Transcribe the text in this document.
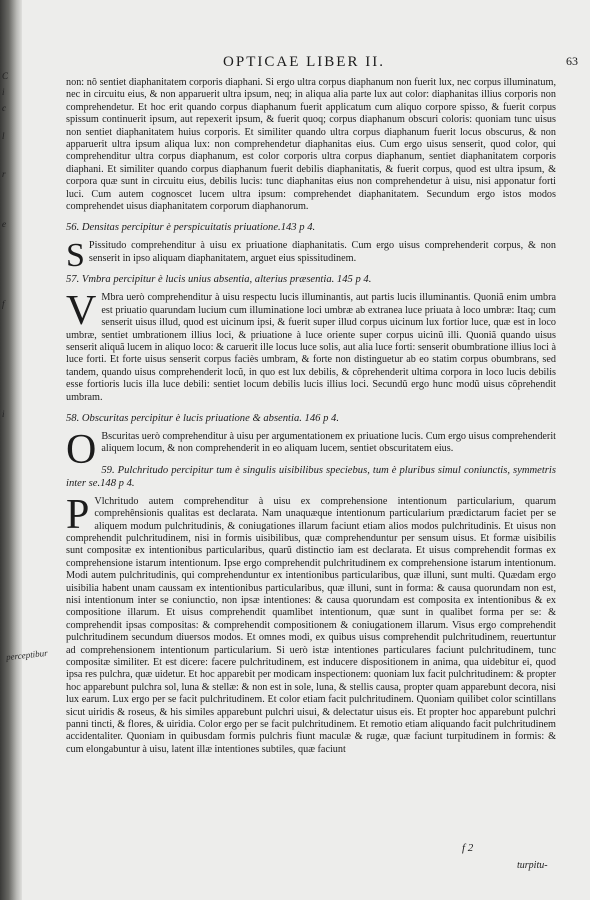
C
i
c
l
r
e
f
i
perceptibur
OPTICAE LIBER II.	63

non: nô sentiet diaphanitatem corporis diaphani. Si ergo ultra corpus diaphanum non fuerit lux, nec corpus illuminatum, nec in circuitu eius, & non apparuerit ultra ipsum, neq; in aliqua alia parte lux aut color: diaphanitas illius corporis non comprehendetur. Et hoc erit quando corpus diaphanum fuerit applicatum cum aliquo corpore spisso, & fuerit corpus spissum continuerit ipsum, aut repexerit ipsum, & fuerit quoq; corpus diaphanum obscuri coloris: quoniam tunc uisus non sentiet diaphanitatem huius corporis. Et similiter quando ultra corpus diaphanum fuerit locus obscurus, & non apparuerit ultra ipsum aliqua lux: non comprehendetur diaphanitas eius. Cum ergo uisus senserit, quod color, qui comprehenditur ultra corpus diaphanum, est color corporis ultra corpus diaphanum, sentiet diaphanitatem corporis diaphani. Et similiter quando corpus diaphanum fuerit debilis diaphanitatis, & fuerit corpus, quod est ultra ipsum, & corpora quæ sunt in circuitu eius, debilis lucis: tunc diaphanitas eius non comprehendetur à uisu, nisi apponatur forti luci. Cum autem cognoscet lucem ultra ipsum: comprehendet diaphanitatem. Secundum ergo istos modos comprehendet uisus diaphanitatem corporum diaphanorum.

56. Densitas percipitur è perspicuitatis priuatione.143 p 4.

S Pissitudo comprehenditur à uisu ex priuatione diaphanitatis. Cum ergo uisus comprehenderit corpus, & non senserit in ipso aliquam diaphanitatem, arguet eius spissitudinem.

57. Vmbra percipitur è lucis unius absentia, alterius præsentia. 145 p 4.

V Mbra uerò comprehenditur à uisu respectu lucis illuminantis, aut partis lucis illuminantis. Quoniã enim umbra est priuatio quarundam lucium cum illuminatione loci umbræ ab extranea luce priuata à loco umbræ: Itaq; cum senserit uisus illud, quod est uicinum ipsi, & fuerit super illud corpus uicinum lux fortior luce, quæ est in loco umbræ, sentiet umbrationem illius loci, & priuatione à luce oriente super corpus uicinũ illi. Quoniã quando uisus senserit aliquã lucem in aliquo loco: & caruerit ille locus luce solis, aut alia luce forti: senserit obumbratione illius loci à luce forti. Et forte uisus senserit corpus faciès umbram, & forte non distinguetur ab eo statim corpus obumbrans, sed tandem, quando uisus comprehenderit locũ, in quo est lux debilis, & cõprehenderit ultima corpora in loco lucis debilis esse fortioris lucis illa luce debili: sentiet locum debilis lucis illius loci. Secundũ ergo hunc modũ uisus cõprehendit umbram.

58. Obscuritas percipitur è lucis priuatione & absentia. 146 p 4.

O Bscuritas uerò comprehenditur à uisu per argumentationem ex priuatione lucis. Cum ergo uisus comprehenderit aliquem locum, & non comprehenderit in eo aliquam lucem, sentiet obscuritatem eius.

59. Pulchritudo percipitur tum è singulis uisibilibus speciebus, tum è pluribus simul coniunctis, symmetris inter se.148 p 4.

P Vlchritudo autem comprehenditur à uisu ex comprehensione intentionum particularium, quarum comprehênsionis qualitas est declarata. Nam unaquæque intentionum particularium prædictarum faciet per se aliquem modum pulchritudinis, & coniugationes illarum faciunt etiam alios modos pulchritudinis. Et uisus non comprehendit pulchritudinem, nisi in formis uisibilibus, quæ comprehenduntur per sensum uisus. Et formæ uisibilis sunt compositæ ex intentionibus particularibus, quarũ distinctio iam est declarata. Et uisus comprehendit formas ex comprehensione istarum intentionum. Ipse ergo comprehendit pulchritudinem ex comprehensione istarum intentionum. Modi autem pulchritudinis, qui comprehenduntur ex intentionibus particularibus, quæ illuni, sunt multi. Quædam ergo uisibilia habent unam caussam ex intentionibus particularibus, quæ illuni, sunt in forma: & causa quorundam non est, nisi intentionum inter se coniunctio, non ipsæ intentiones: & causa quorundam est composita ex intentionibus & ex compositione illarum. Et uisus comprehendit quamlibet intentionum, quæ sunt in qualibet forma per se: & comprehendit ipsas compositas: & comprehendit compositionem & coniugationem illarum. Visus ergo comprehendit pulchritudinem secundum diuersos modos. Et omnes modi, ex quibus uisus comprehendit pulchritudinem, reuertuntur ad comprehensionem intentionum particularium. Si uerò istæ intentiones particulares faciunt pulchritudinem, tunc compositæ similiter. Et est dicere: facere pulchritudinem, est inducere dispositionem in anima, qua uidebitur ei, quod ipsa res pulchra, quæ uidetur. Et hoc apparebit per modicam inspectionem: quoniam lux facit pulchritudinem: & propter hoc apparebunt pulchra sol, luna & stellæ: & non est in sole, luna, & stellis causa, propter quam apparebunt decora, nisi lux earum. Lux ergo per se facit pulchritudinem. Et color etiam facit pulchritudinem. Quoniam quilibet color scintillans sicut uiridis & roseus, & his similes apparebunt pulchri uisui, & delectatur uisus eis. Et propter hoc apparebunt pulchri panni tincti, & flores, & uiridia. Color ergo per se facit pulchritudinem. Et remotio etiam aliquando facit pulchritudinem accidentaliter. Quoniam in quibusdam formis pulchris fiunt maculæ & rugæ, quæ faciunt turpitudinem in formis: & cum elongabuntur à uisu, latent illæ intentiones subtiles, quæ faciunt

f 2
turpitu-
